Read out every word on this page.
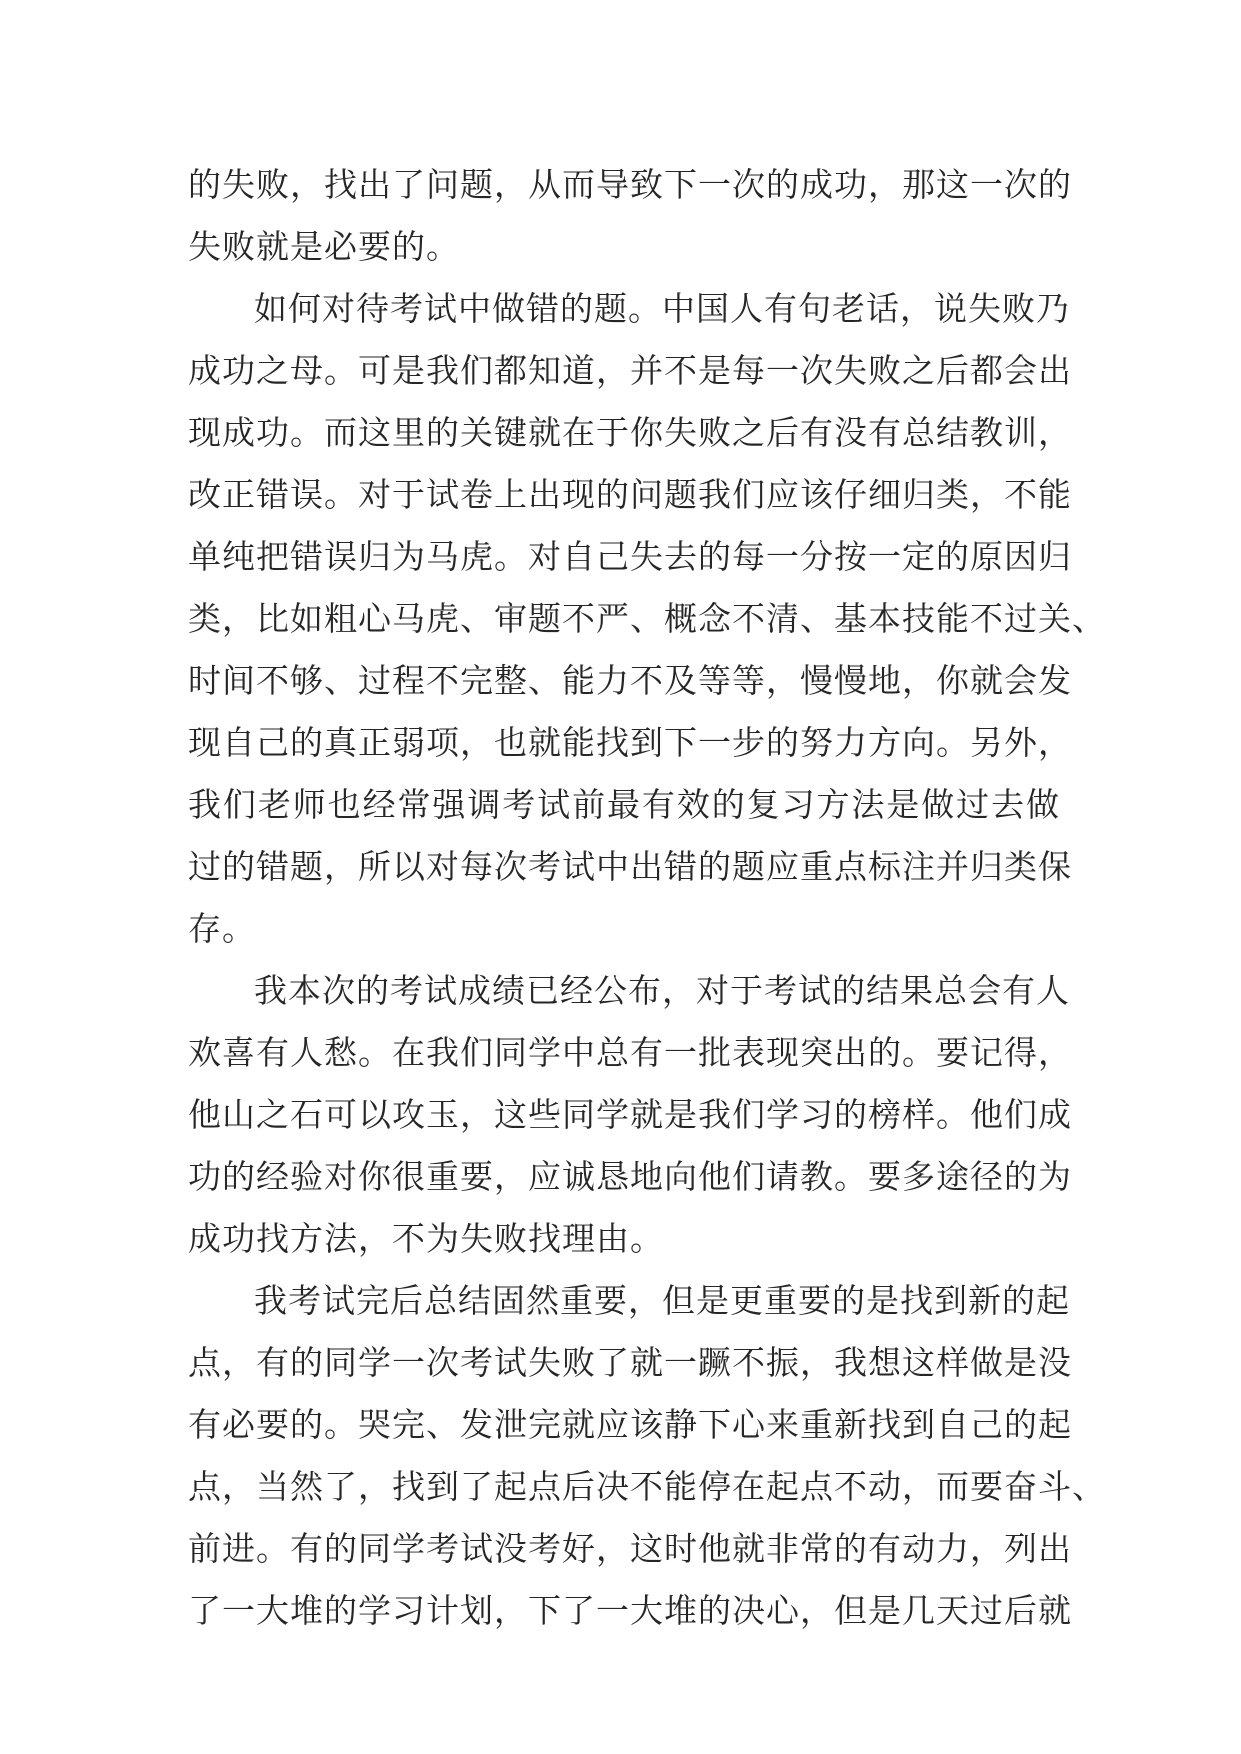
的失败，找出了问题，从而导致下一次的成功，那这一次的
失败就是必要的。
如何对待考试中做错的题。中国人有句老话，说失败乃
成功之母。可是我们都知道，并不是每一次失败之后都会出
现成功。而这里的关键就在于你失败之后有没有总结教训，
改正错误。对于试卷上出现的问题我们应该仔细归类，不能
单纯把错误归为马虎。对自己失去的每一分按一定的原因归
类，比如粗心马虎、审题不严、概念不清、基本技能不过关、
时间不够、过程不完整、能力不及等等，慢慢地，你就会发
现自己的真正弱项，也就能找到下一步的努力方向。另外，
我们老师也经常强调考试前最有效的复习方法是做过去做
过的错题，所以对每次考试中出错的题应重点标注并归类保
存。
我本次的考试成绩已经公布，对于考试的结果总会有人
欢喜有人愁。在我们同学中总有一批表现突出的。要记得，
他山之石可以攻玉，这些同学就是我们学习的榜样。他们成
功的经验对你很重要，应诚恳地向他们请教。要多途径的为
成功找方法，不为失败找理由。
我考试完后总结固然重要，但是更重要的是找到新的起
点，有的同学一次考试失败了就一蹶不振，我想这样做是没
有必要的。哭完、发泄完就应该静下心来重新找到自己的起
点，当然了，找到了起点后决不能停在起点不动，而要奋斗、
前进。有的同学考试没考好，这时他就非常的有动力，列出
了一大堆的学习计划，下了一大堆的决心，但是几天过后就
